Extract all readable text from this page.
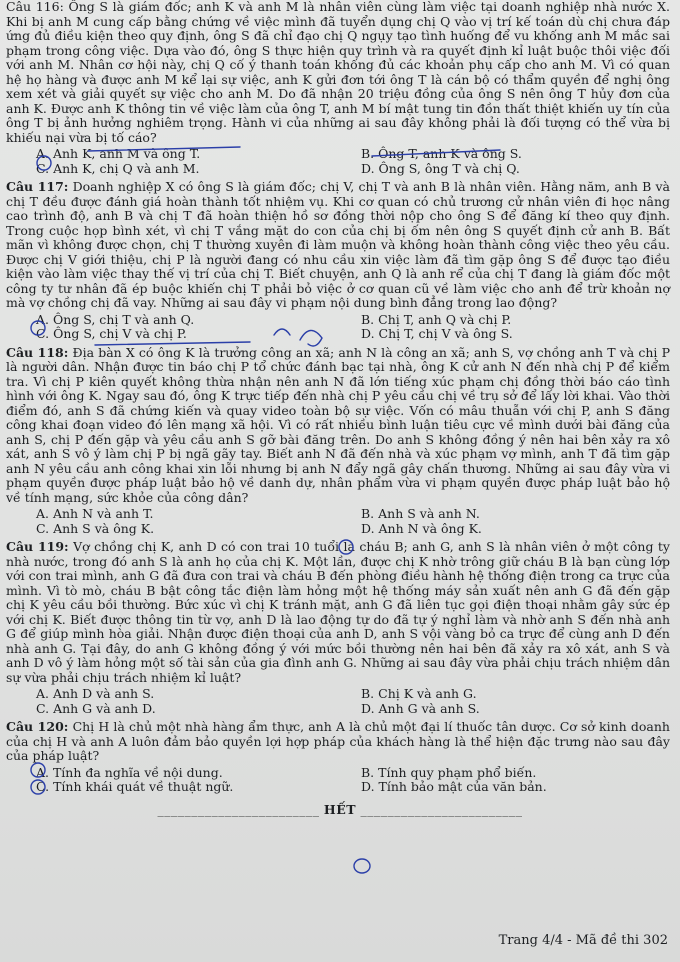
Câu 116: Ông S là giám đốc; anh K và anh M là nhân viên cùng làm việc tại doanh nghiệp nhà nước X. Khi bị anh M cung cấp bằng chứng về việc mình đã tuyển dụng chị Q vào vị trí kế toán dù chị chưa đáp ứng đủ điều kiện theo quy định, ông S đã chỉ đạo chị Q ngụy tạo tình huống để vu khống anh M mắc sai phạm trong công việc. Dựa vào đó, ông S thực hiện quy trình và ra quyết định kỉ luật buộc thôi việc đối với anh M. Nhân cơ hội này, chị Q cố ý thanh toán khống đủ các khoản phụ cấp cho anh M. Vì có quan hệ họ hàng và được anh M kể lại sự việc, anh K gửi đơn tới ông T là cán bộ có thẩm quyền để nghị ông xem xét và giải quyết sự việc cho anh M. Do đã nhận 20 triệu đồng của ông S nên ông T hủy đơn của anh K. Được anh K thông tin về việc làm của ông T, anh M bí mật tung tin đồn thất thiệt khiến uy tín của ông T bị ảnh hưởng nghiêm trọng. Hành vi của những ai sau đây không phải là đối tượng có thể vừa bị khiếu nại vừa bị tố cáo?

A. Anh K, anh M và ông T.	B. Ông T, anh K và ông S.
C. Anh K, chị Q và anh M.	D. Ông S, ông T và chị Q.

Câu 117: Doanh nghiệp X có ông S là giám đốc; chị V, chị T và anh B là nhân viên. Hằng năm, anh B và chị T đều được đánh giá hoàn thành tốt nhiệm vụ. Khi cơ quan có chủ trương cử nhân viên đi học nâng cao trình độ, anh B và chị T đã hoàn thiện hồ sơ đồng thời nộp cho ông S để đăng kí theo quy định. Trong cuộc họp bình xét, vì chị T vắng mặt do con của chị bị ốm nên ông S quyết định cử anh B. Bất mãn vì không được chọn, chị T thường xuyên đi làm muộn và không hoàn thành công việc theo yêu cầu. Được chị V giới thiệu, chị P là người đang có nhu cầu xin việc làm đã tìm gặp ông S để được tạo điều kiện vào làm việc thay thế vị trí của chị T. Biết chuyện, anh Q là anh rể của chị T đang là giám đốc một công ty tư nhân đã ép buộc khiến chị T phải bỏ việc ở cơ quan cũ về làm việc cho anh để trừ khoản nợ mà vợ chồng chị đã vay. Những ai sau đây vi phạm nội dung bình đẳng trong lao động?

A. Ông S, chị T và anh Q.	B. Chị T, anh Q và chị P.
C. Ông S, chị V và chị P.	D. Chị T, chị V và ông S.

Câu 118: Địa bàn X có ông K là trưởng công an xã; anh N là công an xã; anh S, vợ chồng anh T và chị P là người dân. Nhận được tin báo chị P tổ chức đánh bạc tại nhà, ông K cử anh N đến nhà chị P để kiểm tra. Vì chị P kiên quyết không thừa nhận nên anh N đã lớn tiếng xúc phạm chị đồng thời báo cáo tình hình với ông K. Ngay sau đó, ông K trực tiếp đến nhà chị P yêu cầu chị về trụ sở để lấy lời khai. Vào thời điểm đó, anh S đã chứng kiến và quay video toàn bộ sự việc. Vốn có mâu thuẫn với chị P, anh S đăng công khai đoạn video đó lên mạng xã hội. Vì có rất nhiều bình luận tiêu cực về mình dưới bài đăng của anh S, chị P đến gặp và yêu cầu anh S gỡ bài đăng trên. Do anh S không đồng ý nên hai bên xảy ra xô xát, anh S vô ý làm chị P bị ngã gãy tay. Biết anh N đã đến nhà và xúc phạm vợ mình, anh T đã tìm gặp anh N yêu cầu anh công khai xin lỗi nhưng bị anh N đẩy ngã gây chấn thương. Những ai sau đây vừa vi phạm quyền được pháp luật bảo hộ về danh dự, nhân phẩm vừa vi phạm quyền được pháp luật bảo hộ về tính mạng, sức khỏe của công dân?

A. Anh N và anh T.	B. Anh S và anh N.
C. Anh S và ông K.	D. Anh N và ông K.

Câu 119: Vợ chồng chị K, anh D có con trai 10 tuổi là cháu B; anh G, anh S là nhân viên ở một công ty nhà nước, trong đó anh S là anh họ của chị K. Một lần, được chị K nhờ trông giữ cháu B là bạn cùng lớp với con trai mình, anh G đã đưa con trai và cháu B đến phòng điều hành hệ thống điện trong ca trực của mình. Vì tò mò, cháu B bật công tắc điện làm hỏng một hệ thống máy sản xuất nên anh G đã đến gặp chị K yêu cầu bồi thường. Bức xúc vì chị K tránh mặt, anh G đã liên tục gọi điện thoại nhằm gây sức ép với chị K. Biết được thông tin từ vợ, anh D là lao động tự do đã tự ý nghỉ làm và nhờ anh S đến nhà anh G để giúp mình hòa giải. Nhận được điện thoại của anh D, anh S vội vàng bỏ ca trực để cùng anh D đến nhà anh G. Tại đây, do anh G không đồng ý với mức bồi thường nên hai bên đã xảy ra xô xát, anh S và anh D vô ý làm hỏng một số tài sản của gia đình anh G. Những ai sau đây vừa phải chịu trách nhiệm dân sự vừa phải chịu trách nhiệm kỉ luật?

A. Anh D và anh S.	B. Chị K và anh G.
C. Anh G và anh D.	D. Anh G và anh S.

Câu 120: Chị H là chủ một nhà hàng ẩm thực, anh A là chủ một đại lí thuốc tân dược. Cơ sở kinh doanh của chị H và anh A luôn đảm bảo quyền lợi hợp pháp của khách hàng là thể hiện đặc trưng nào sau đây của pháp luật?

A. Tính đa nghĩa về nội dung.	B. Tính quy phạm phổ biến.
C. Tính khái quát về thuật ngữ.	D. Tính bảo mật của văn bản.
________________________ HẾT ________________________
Trang 4/4 - Mã đề thi 302
